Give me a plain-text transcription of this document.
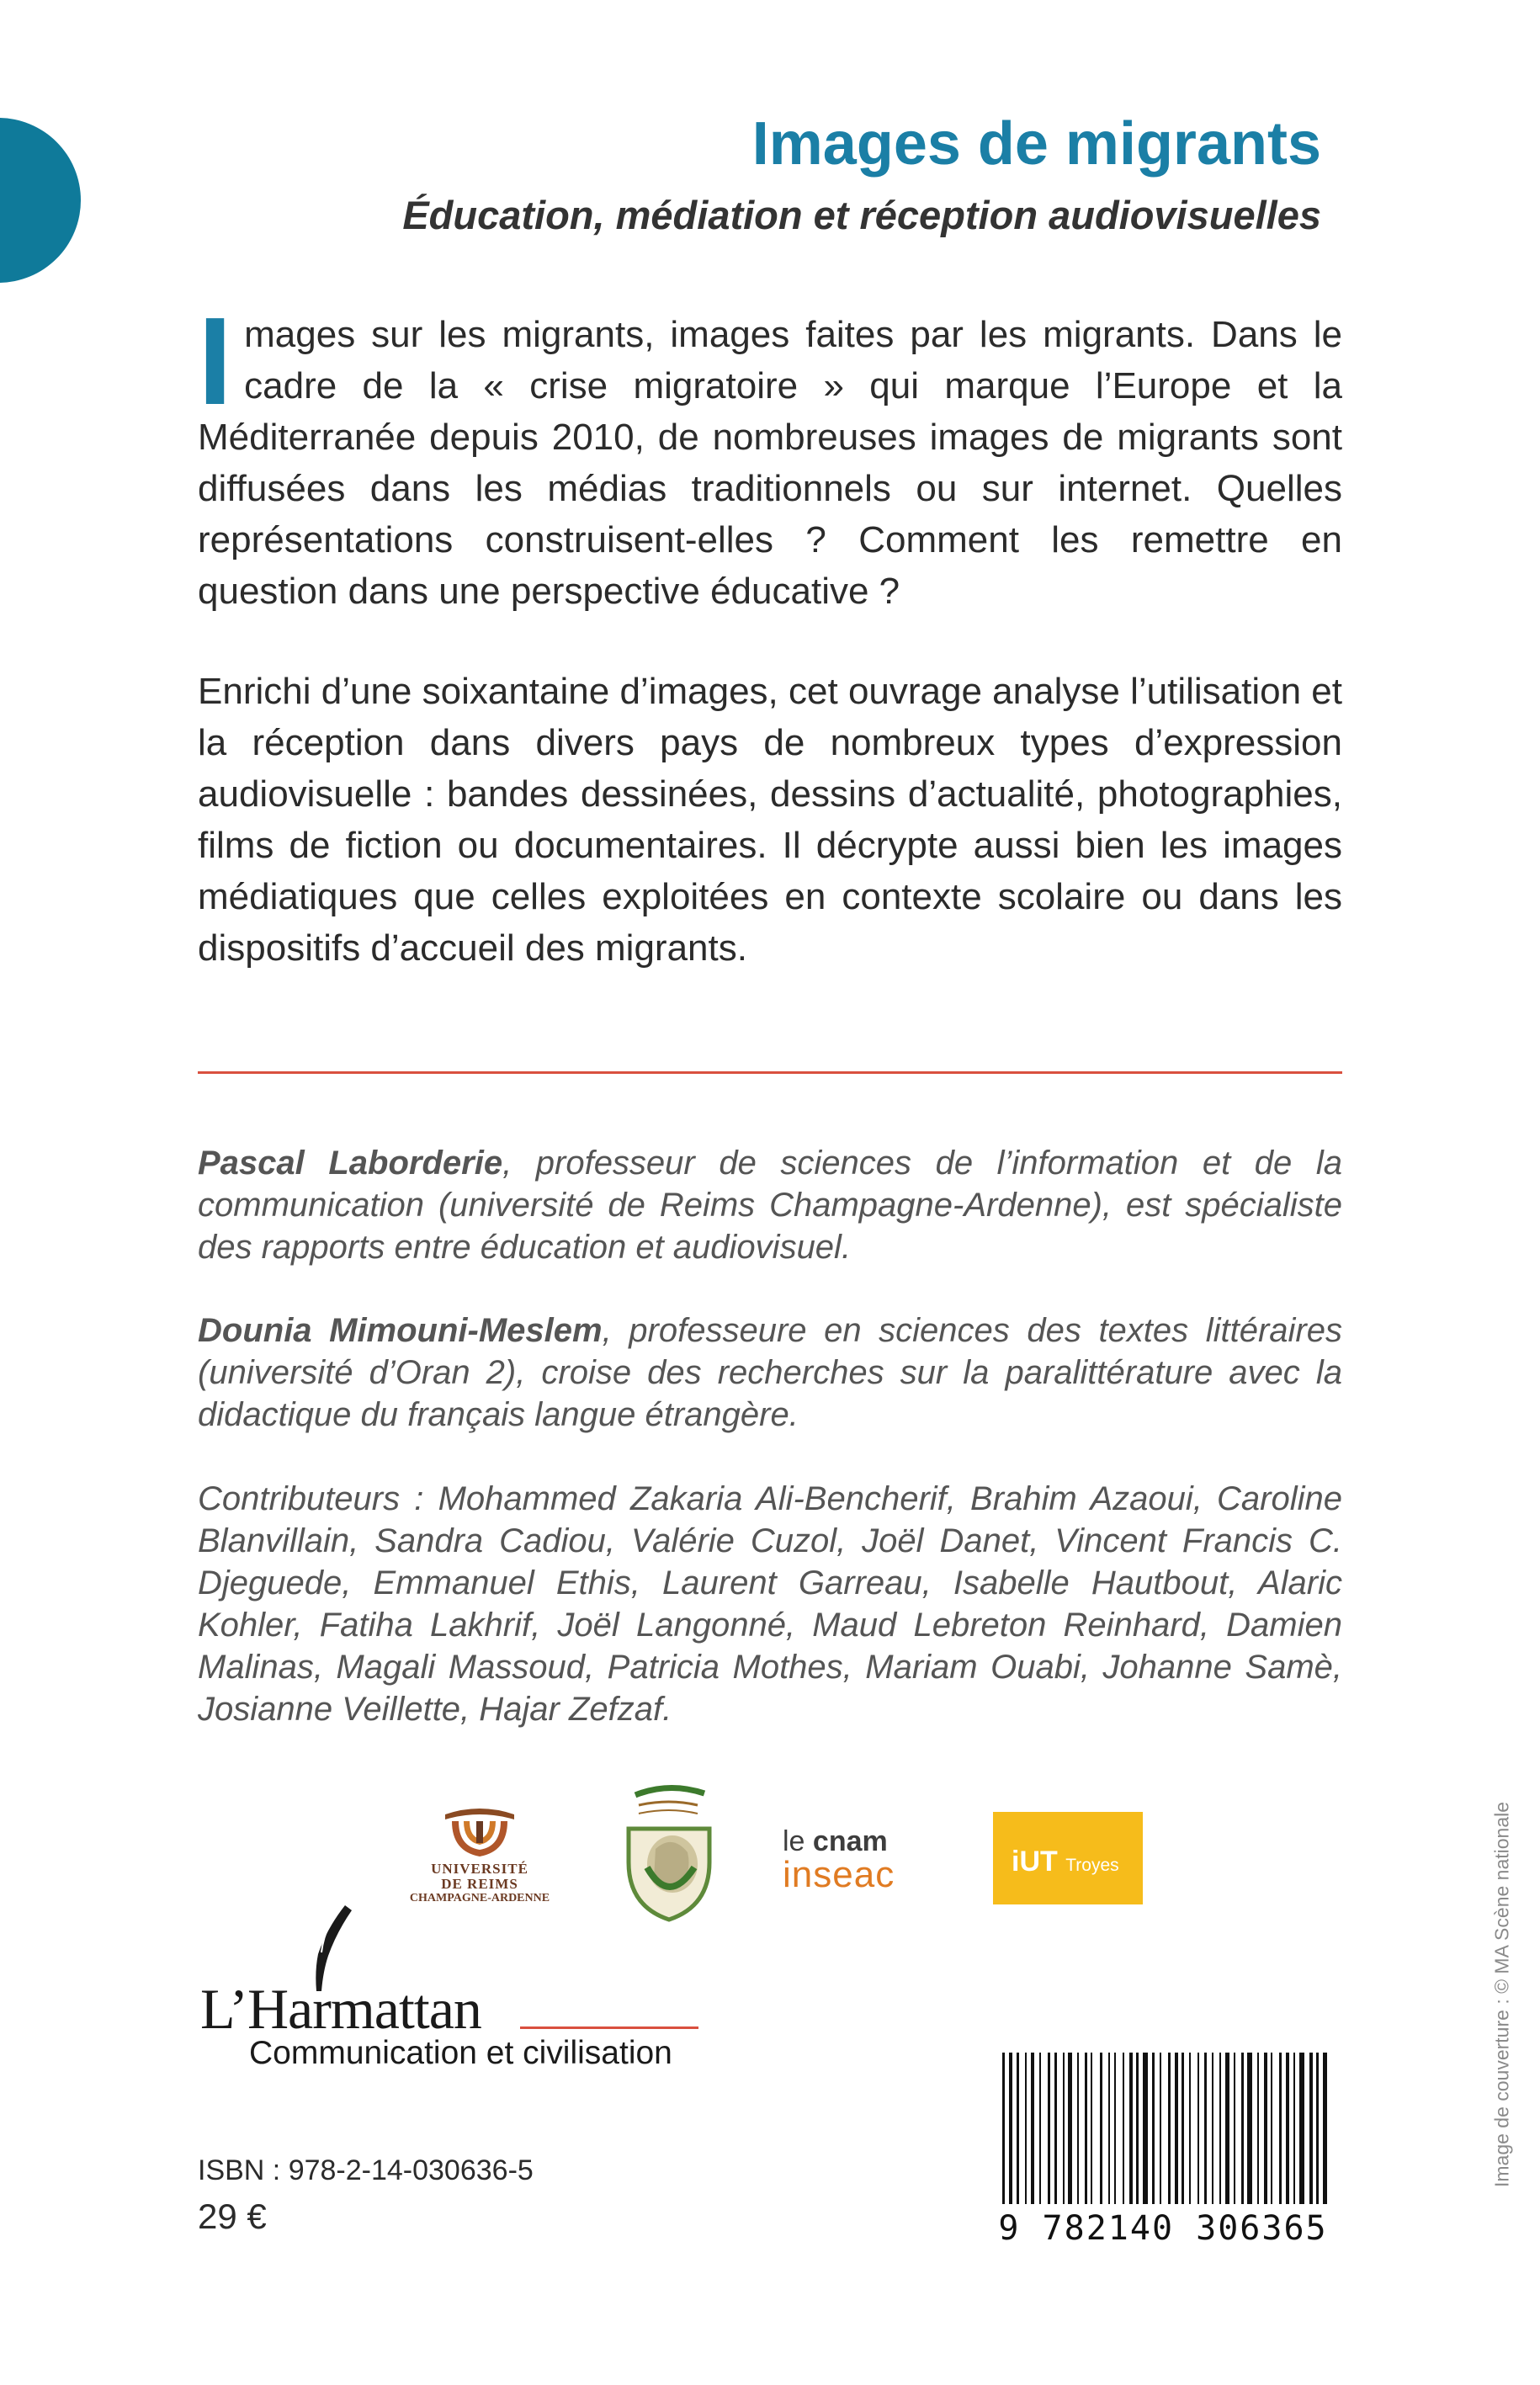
Images de migrants
Éducation, médiation et réception audiovisuelles

Images sur les migrants, images faites par les migrants. Dans le cadre de la « crise migratoire » qui marque l’Europe et la Méditerranée depuis 2010, de nombreuses images de migrants sont diffusées dans les médias traditionnels ou sur internet. Quelles représentations construisent-elles ? Comment les remettre en question dans une perspective éducative ?

Enrichi d’une soixantaine d’images, cet ouvrage analyse l’utilisation et la réception dans divers pays de nombreux types d’expression audiovisuelle : bandes dessinées, dessins d’actualité, photographies, films de fiction ou documentaires. Il décrypte aussi bien les images médiatiques que celles exploitées en contexte scolaire ou dans les dispositifs d’accueil des migrants.

Pascal Laborderie, professeur de sciences de l’information et de la communication (université de Reims Champagne-Ardenne), est spécialiste des rapports entre éducation et audiovisuel.

Dounia Mimouni-Meslem, professeure en sciences des textes littéraires (université d’Oran 2), croise des recherches sur la paralittérature avec la didactique du français langue étrangère.

Contributeurs : Mohammed Zakaria Ali-Bencherif, Brahim Azaoui, Caroline Blanvillain, Sandra Cadiou, Valérie Cuzol, Joël Danet, Vincent Francis C. Djeguede, Emmanuel Ethis, Laurent Garreau, Isabelle Hautbout, Alaric Kohler, Fatiha Lakhrif, Joël Langonné, Maud Lebreton Reinhard, Damien Malinas, Magali Massoud, Patricia Mothes, Mariam Ouabi, Johanne Samè, Josianne Veillette, Hajar Zefzaf.

Image de couverture : © MA Scène nationale
UNIVERSITÉ
DE REIMS
CHAMPAGNE-ARDENNE
le cnam
inseac	iUT Troyes
L’Harmattan

Communication et civilisation

ISBN : 978-2-14-030636-5

29 €	9 782140 306365
